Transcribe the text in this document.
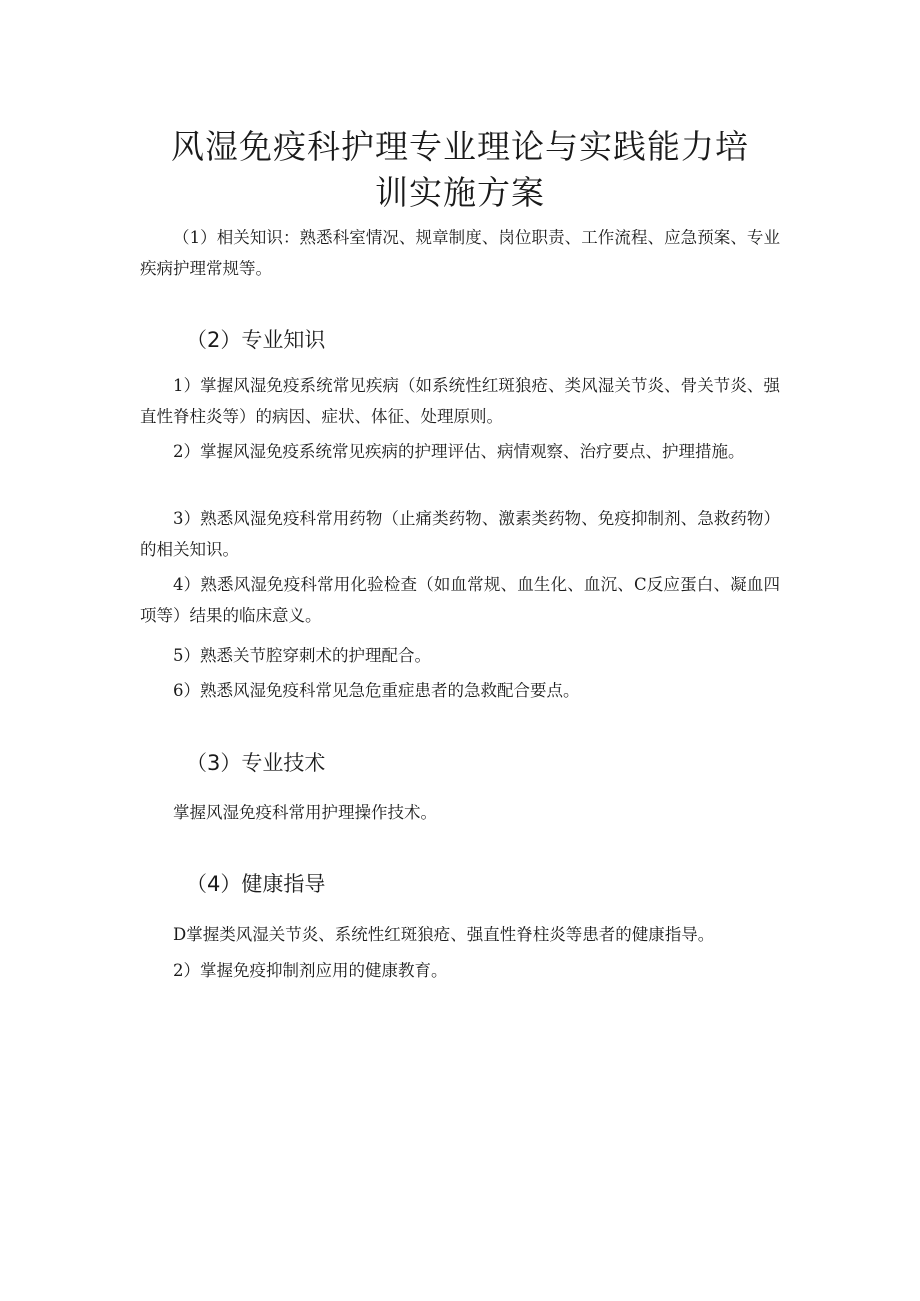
风湿免疫科护理专业理论与实践能力培
训实施方案

（1）相关知识：熟悉科室情况、规章制度、岗位职责、工作流程、应急预案、专业疾病护理常规等。

（2）专业知识

1）掌握风湿免疫系统常见疾病（如系统性红斑狼疮、类风湿关节炎、骨关节炎、强直性脊柱炎等）的病因、症状、体征、处理原则。

2）掌握风湿免疫系统常见疾病的护理评估、病情观察、治疗要点、护理措施。

3）熟悉风湿免疫科常用药物（止痛类药物、激素类药物、免疫抑制剂、急救药物）的相关知识。

4）熟悉风湿免疫科常用化验检查（如血常规、血生化、血沉、C反应蛋白、凝血四项等）结果的临床意义。

5）熟悉关节腔穿刺术的护理配合。

6）熟悉风湿免疫科常见急危重症患者的急救配合要点。

（3）专业技术

掌握风湿免疫科常用护理操作技术。

（4）健康指导

D掌握类风湿关节炎、系统性红斑狼疮、强直性脊柱炎等患者的健康指导。

2）掌握免疫抑制剂应用的健康教育。
